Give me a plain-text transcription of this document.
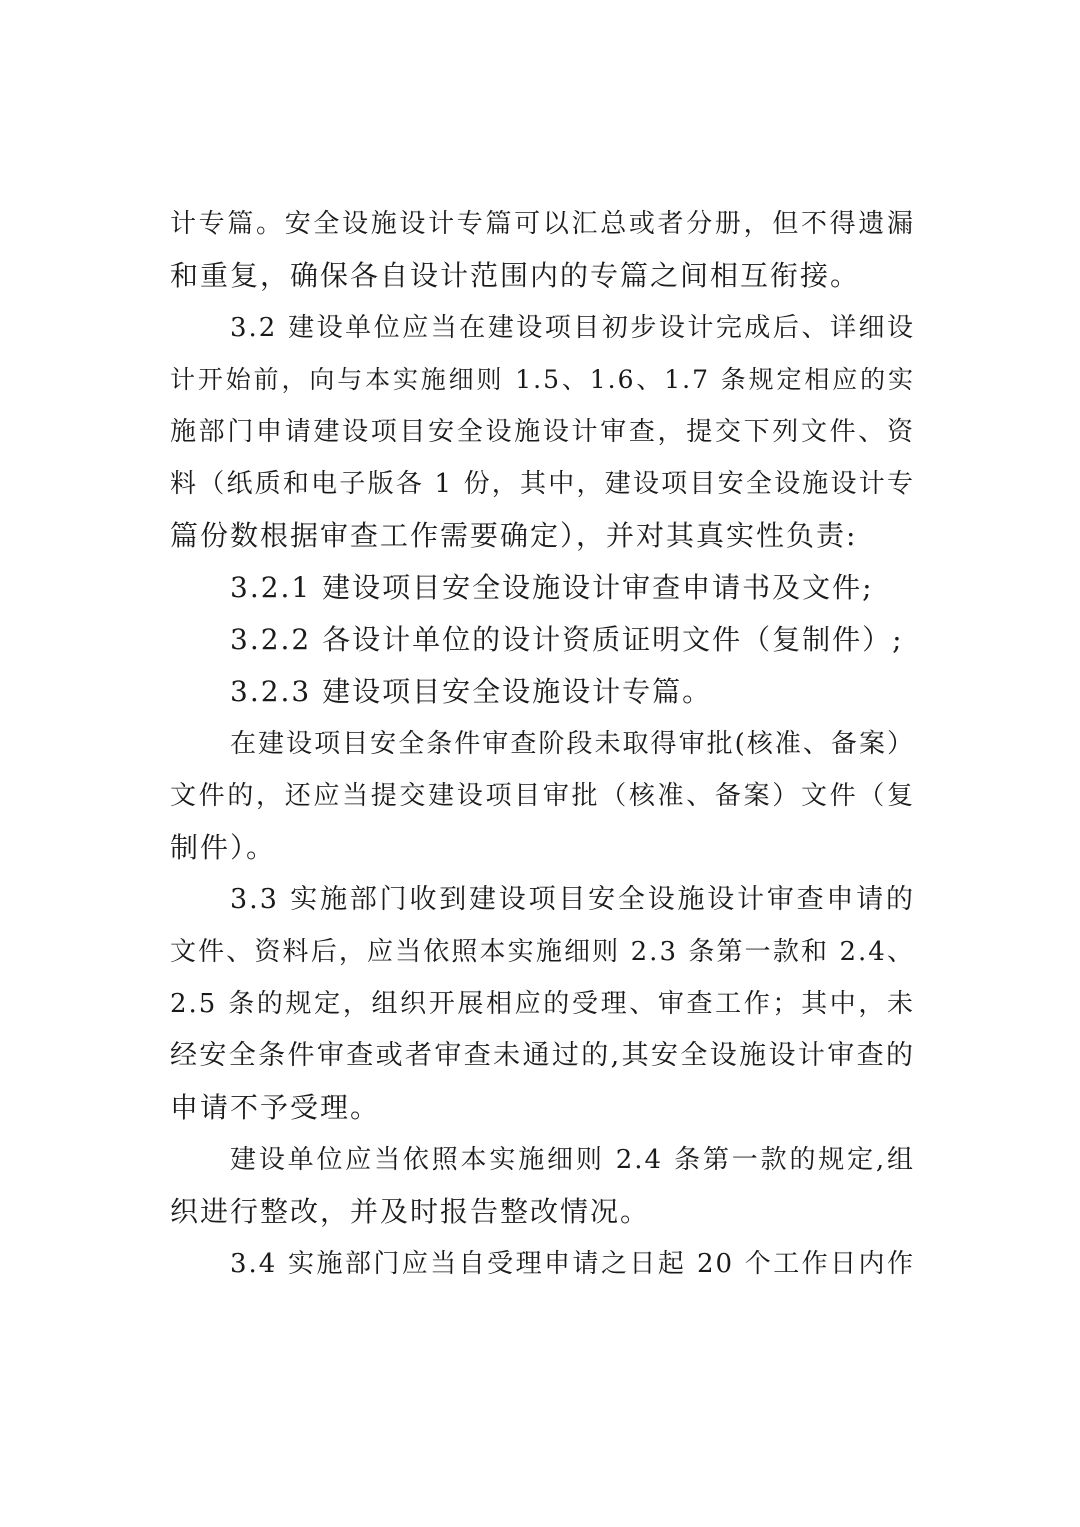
计专篇。安全设施设计专篇可以汇总或者分册，但不得遗漏
和重复，确保各自设计范围内的专篇之间相互衔接。
3.2 建设单位应当在建设项目初步设计完成后、详细设
计开始前，向与本实施细则 1.5、1.6、1.7 条规定相应的实
施部门申请建设项目安全设施设计审查，提交下列文件、资
料（纸质和电子版各 1 份，其中，建设项目安全设施设计专
篇份数根据审查工作需要确定），并对其真实性负责:
3.2.1 建设项目安全设施设计审查申请书及文件;
3.2.2 各设计单位的设计资质证明文件（复制件）;
3.2.3 建设项目安全设施设计专篇。
在建设项目安全条件审查阶段未取得审批(核准、备案）
文件的，还应当提交建设项目审批（核准、备案）文件（复
制件）。
3.3 实施部门收到建设项目安全设施设计审查申请的
文件、资料后，应当依照本实施细则 2.3 条第一款和 2.4、
2.5 条的规定，组织开展相应的受理、审查工作；其中，未
经安全条件审查或者审查未通过的,其安全设施设计审查的
申请不予受理。
建设单位应当依照本实施细则 2.4 条第一款的规定,组
织进行整改，并及时报告整改情况。
3.4 实施部门应当自受理申请之日起 20 个工作日内作
